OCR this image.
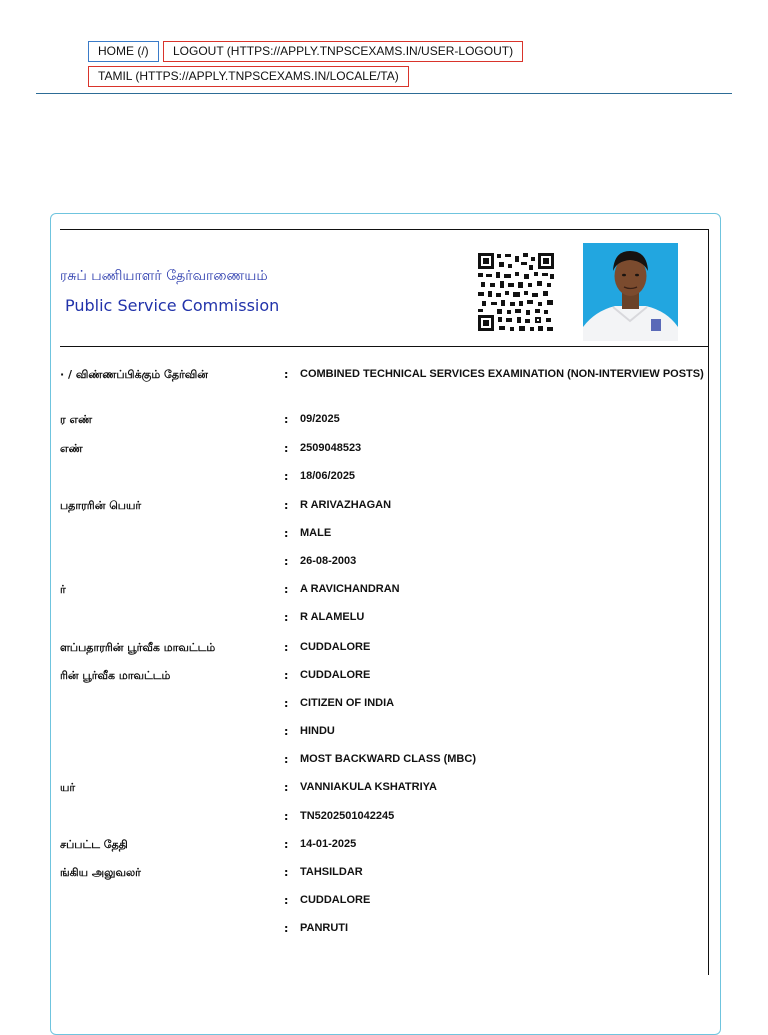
HOME (/)	LOGOUT (HTTPS://APPLY.TNPSCEXAMS.IN/USER-LOGOUT)
TAMIL (HTTPS://APPLY.TNPSCEXAMS.IN/LOCALE/TA)
ரசுப் பணியாளர் தேர்வாணையம்
Public Service Commission
· / விண்ணப்பிக்கும் தேர்வின்	: COMBINED TECHNICAL SERVICES EXAMINATION (NON-INTERVIEW POSTS)
ர எண்	: 09/2025
எண்	: 2509048523
: 18/06/2025
பதாரரின் பெயர்	: R ARIVAZHAGAN
: MALE
: 26-08-2003
ர்	: A RAVICHANDRAN
: R ALAMELU
ளப்பதாரரின் பூர்வீக மாவட்டம்	: CUDDALORE
ரின் பூர்வீக மாவட்டம்	: CUDDALORE
: CITIZEN OF INDIA
: HINDU
: MOST BACKWARD CLASS (MBC)
யர்	: VANNIAKULA KSHATRIYA
: TN5202501042245
சப்பட்ட தேதி	: 14-01-2025
ங்கிய அலுவலர்	: TAHSILDAR
: CUDDALORE
: PANRUTI
